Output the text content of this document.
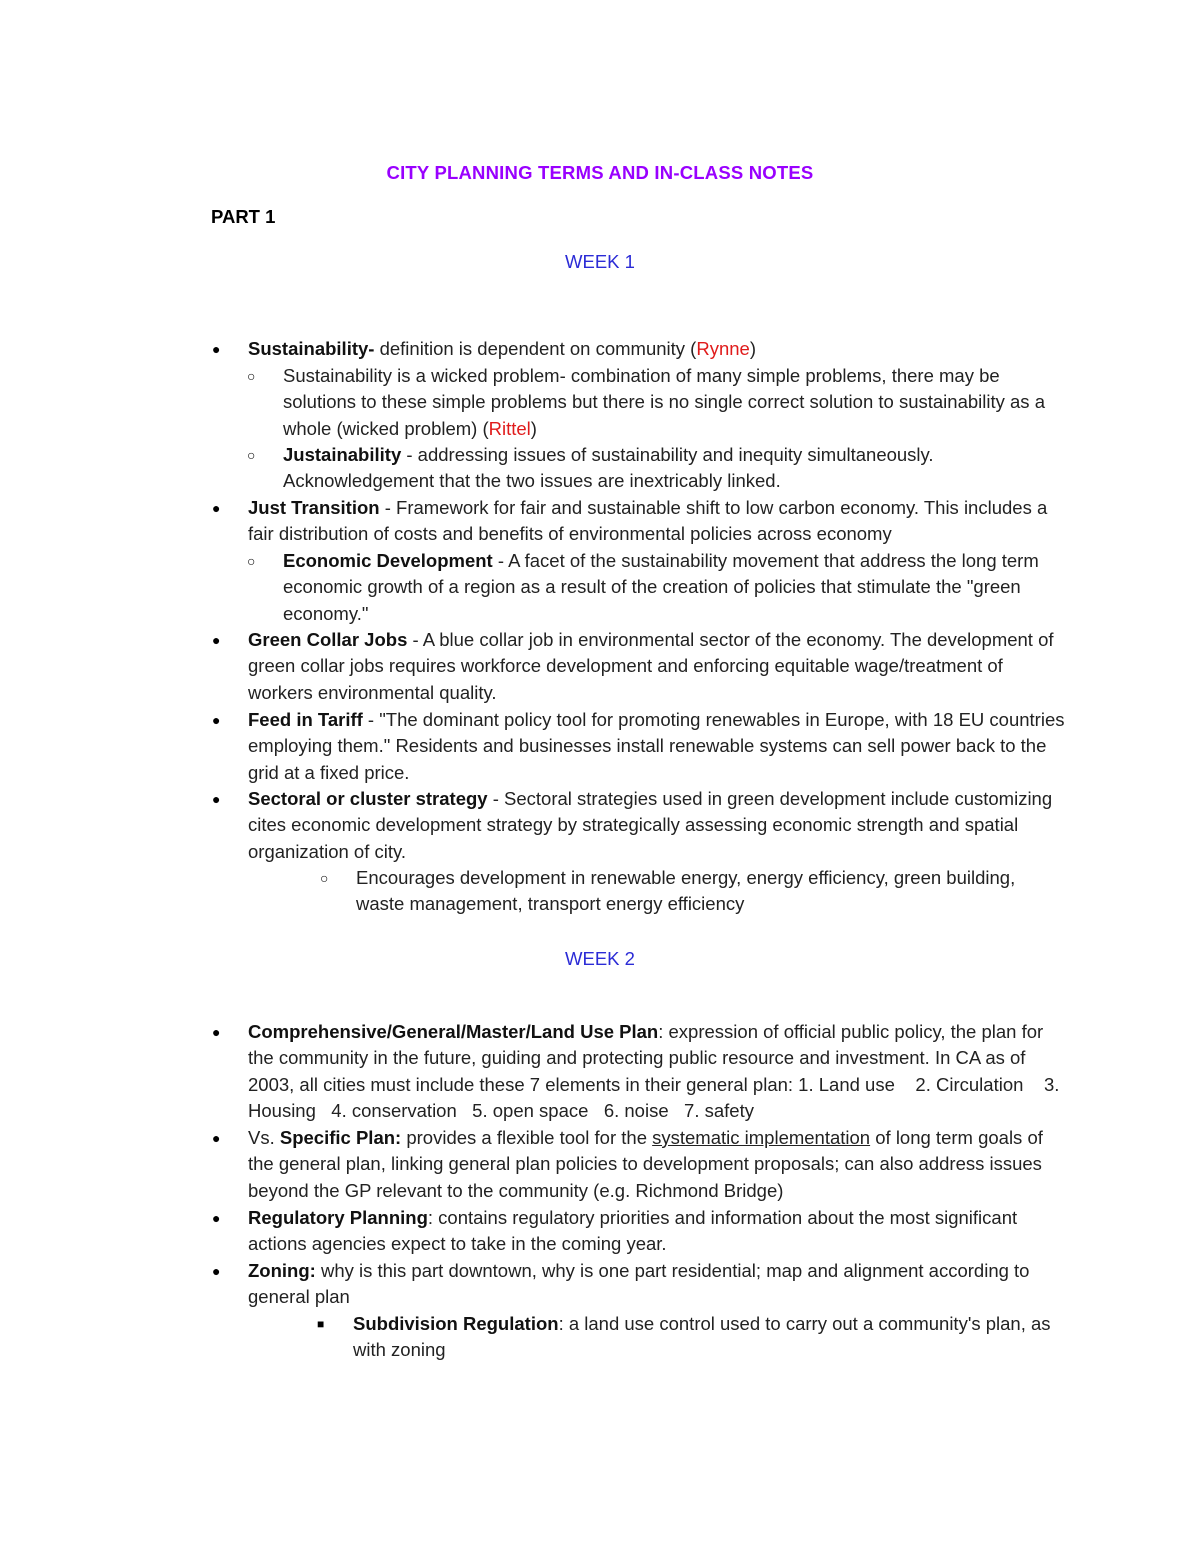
CITY PLANNING TERMS AND IN-CLASS NOTES
PART 1
WEEK 1
● Sustainability- definition is dependent on community (Rynne)
○ Sustainability is a wicked problem- combination of many simple problems, there may be solutions to these simple problems but there is no single correct solution to sustainability as a whole (wicked problem) (Rittel)
○ Justainability - addressing issues of sustainability and inequity simultaneously. Acknowledgement that the two issues are inextricably linked.
● Just Transition - Framework for fair and sustainable shift to low carbon economy. This includes a fair distribution of costs and benefits of environmental policies across economy
○ Economic Development - A facet of the sustainability movement that address the long term economic growth of a region as a result of the creation of policies that stimulate the "green economy."
● Green Collar Jobs - A blue collar job in environmental sector of the economy. The development of green collar jobs requires workforce development and enforcing equitable wage/treatment of workers environmental quality.
● Feed in Tariff - "The dominant policy tool for promoting renewables in Europe, with 18 EU countries employing them." Residents and businesses install renewable systems can sell power back to the grid at a fixed price.
● Sectoral or cluster strategy - Sectoral strategies used in green development include customizing cites economic development strategy by strategically assessing economic strength and spatial organization of city.
○ Encourages development in renewable energy, energy efficiency, green building, waste management, transport energy efficiency
WEEK 2
● Comprehensive/General/Master/Land Use Plan: expression of official public policy, the plan for the community in the future, guiding and protecting public resource and investment. In CA as of 2003, all cities must include these 7 elements in their general plan: 1. Land use    2. Circulation    3. Housing   4. conservation   5. open space   6. noise   7. safety
● Vs. Specific Plan: provides a flexible tool for the systematic implementation of long term goals of the general plan, linking general plan policies to development proposals; can also address issues beyond the GP relevant to the community (e.g. Richmond Bridge)
● Regulatory Planning: contains regulatory priorities and information about the most significant actions agencies expect to take in the coming year.
● Zoning: why is this part downtown, why is one part residential; map and alignment according to general plan
■ Subdivision Regulation: a land use control used to carry out a community's plan, as with zoning
